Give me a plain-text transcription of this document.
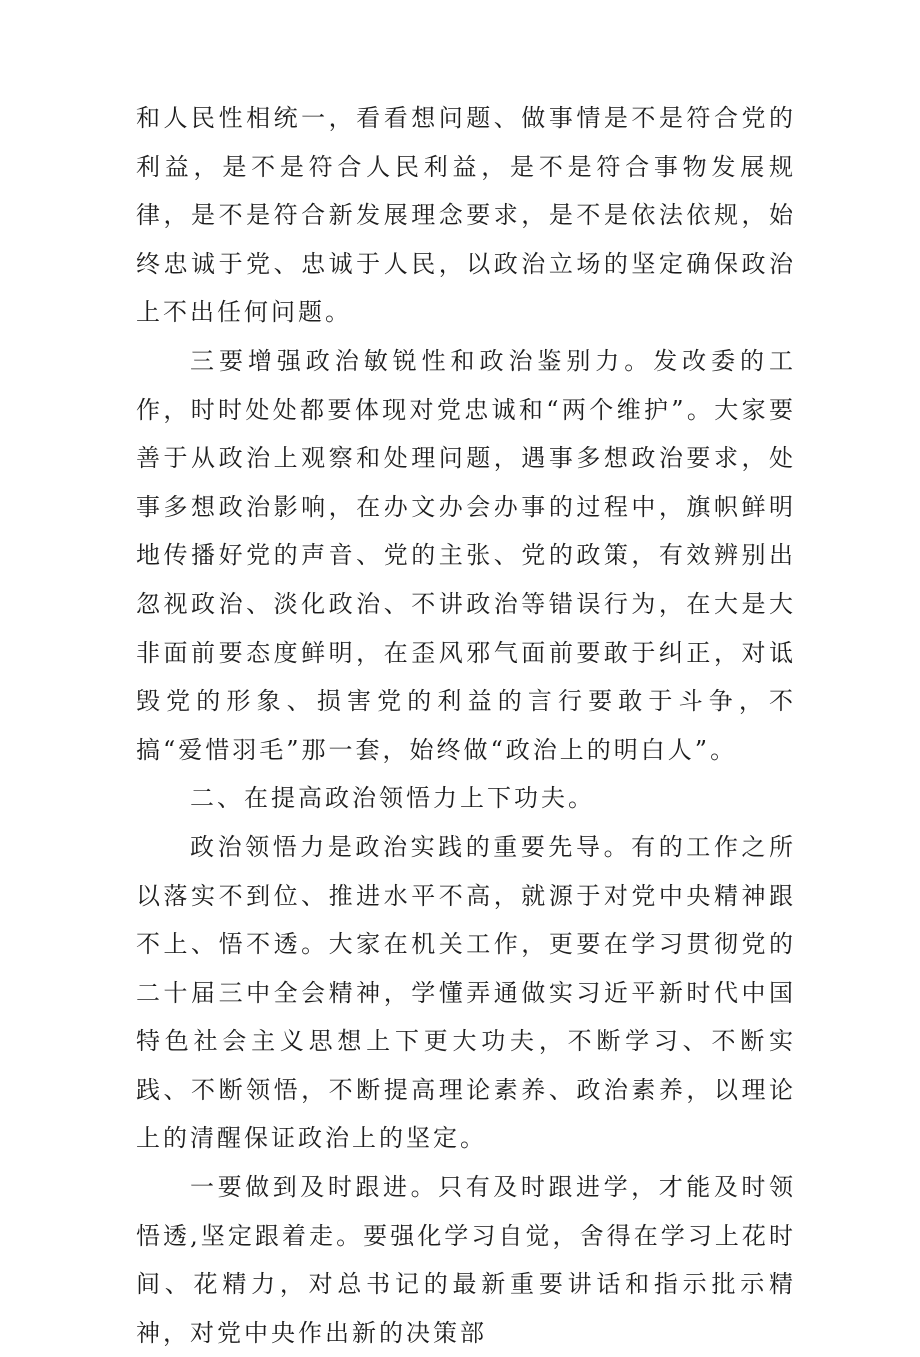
和人民性相统一，看看想问题、做事情是不是符合党的利益，是不是符合人民利益，是不是符合事物发展规律，是不是符合新发展理念要求，是不是依法依规，始终忠诚于党、忠诚于人民，以政治立场的坚定确保政治上不出任何问题。

三要增强政治敏锐性和政治鉴别力。发改委的工作，时时处处都要体现对党忠诚和“两个维护”。大家要善于从政治上观察和处理问题，遇事多想政治要求，处事多想政治影响，在办文办会办事的过程中，旗帜鲜明地传播好党的声音、党的主张、党的政策，有效辨别出忽视政治、淡化政治、不讲政治等错误行为，在大是大非面前要态度鲜明，在歪风邪气面前要敢于纠正，对诋毁党的形象、损害党的利益的言行要敢于斗争，不搞“爱惜羽毛”那一套，始终做“政治上的明白人”。

二、在提高政治领悟力上下功夫。

政治领悟力是政治实践的重要先导。有的工作之所以落实不到位、推进水平不高，就源于对党中央精神跟不上、悟不透。大家在机关工作，更要在学习贯彻党的二十届三中全会精神，学懂弄通做实习近平新时代中国特色社会主义思想上下更大功夫，不断学习、不断实践、不断领悟，不断提高理论素养、政治素养，以理论上的清醒保证政治上的坚定。

一要做到及时跟进。只有及时跟进学，才能及时领悟透,坚定跟着走。要强化学习自觉，舍得在学习上花时间、花精力，对总书记的最新重要讲话和指示批示精神，对党中央作出新的决策部
